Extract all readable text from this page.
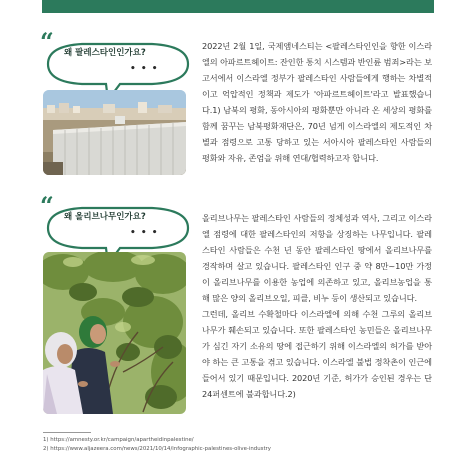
“ 왜 팔레스타인인가요?
• • •

2022년 2월 1일, 국제앰네스티는 <팔레스타인인을 향한 이스라엘의 아파르트헤이트: 잔인한 통치 시스템과 반인륜 범죄>라는 보고서에서 이스라엘 정부가 팔레스타인 사람들에게 행하는 차별적이고 억압적인 정책과 제도가 '아파르트헤이트'라고 발표했습니다.1) 남북의 평화, 동아시아의 평화뿐만 아니라 온 세상의 평화를 함께 꿈꾸는 남북평화재단은, 70년 넘게 이스라엘의 제도적인 차별과 점령으로 고통 당하고 있는 서아시아 팔레스타인 사람들의 평화와 자유, 존엄을 위해 연대/협력하고자 합니다.

“ 왜 올리브나무인가요?
• • •

올리브나무는 팔레스타인 사람들의 정체성과 역사, 그리고 이스라엘 점령에 대한 팔레스타인의 저항을 상징하는 나무입니다. 팔레스타인 사람들은 수천 년 동안 팔레스타인 땅에서 올리브나무를 경작하며 살고 있습니다. 팔레스타인 인구 중 약 8만~10만 가정이 올리브나무를 이용한 농업에 의존하고 있고, 올리브농업을 통해 많은 양의 올리브오일, 피클, 비누 등이 생산되고 있습니다.

그런데, 올리브 수확철마다 이스라엘에 의해 수천 그루의 올리브나무가 훼손되고 있습니다. 또한 팔레스타인 농민들은 올리브나무가 심긴 자기 소유의 땅에 접근하기 위해 이스라엘의 허가를 받아야 하는 큰 고통을 겪고 있습니다. 이스라엘 불법 정착촌이 인근에 들어서 있기 때문입니다. 2020년 기준, 허가가 승인된 경우는 단 24퍼센트에 불과합니다.2)

1) https://amnesty.or.kr/campaign/apartheidinpalestine/
2) https://www.aljazeera.com/news/2021/10/14/infographic-palestines-olive-industry
